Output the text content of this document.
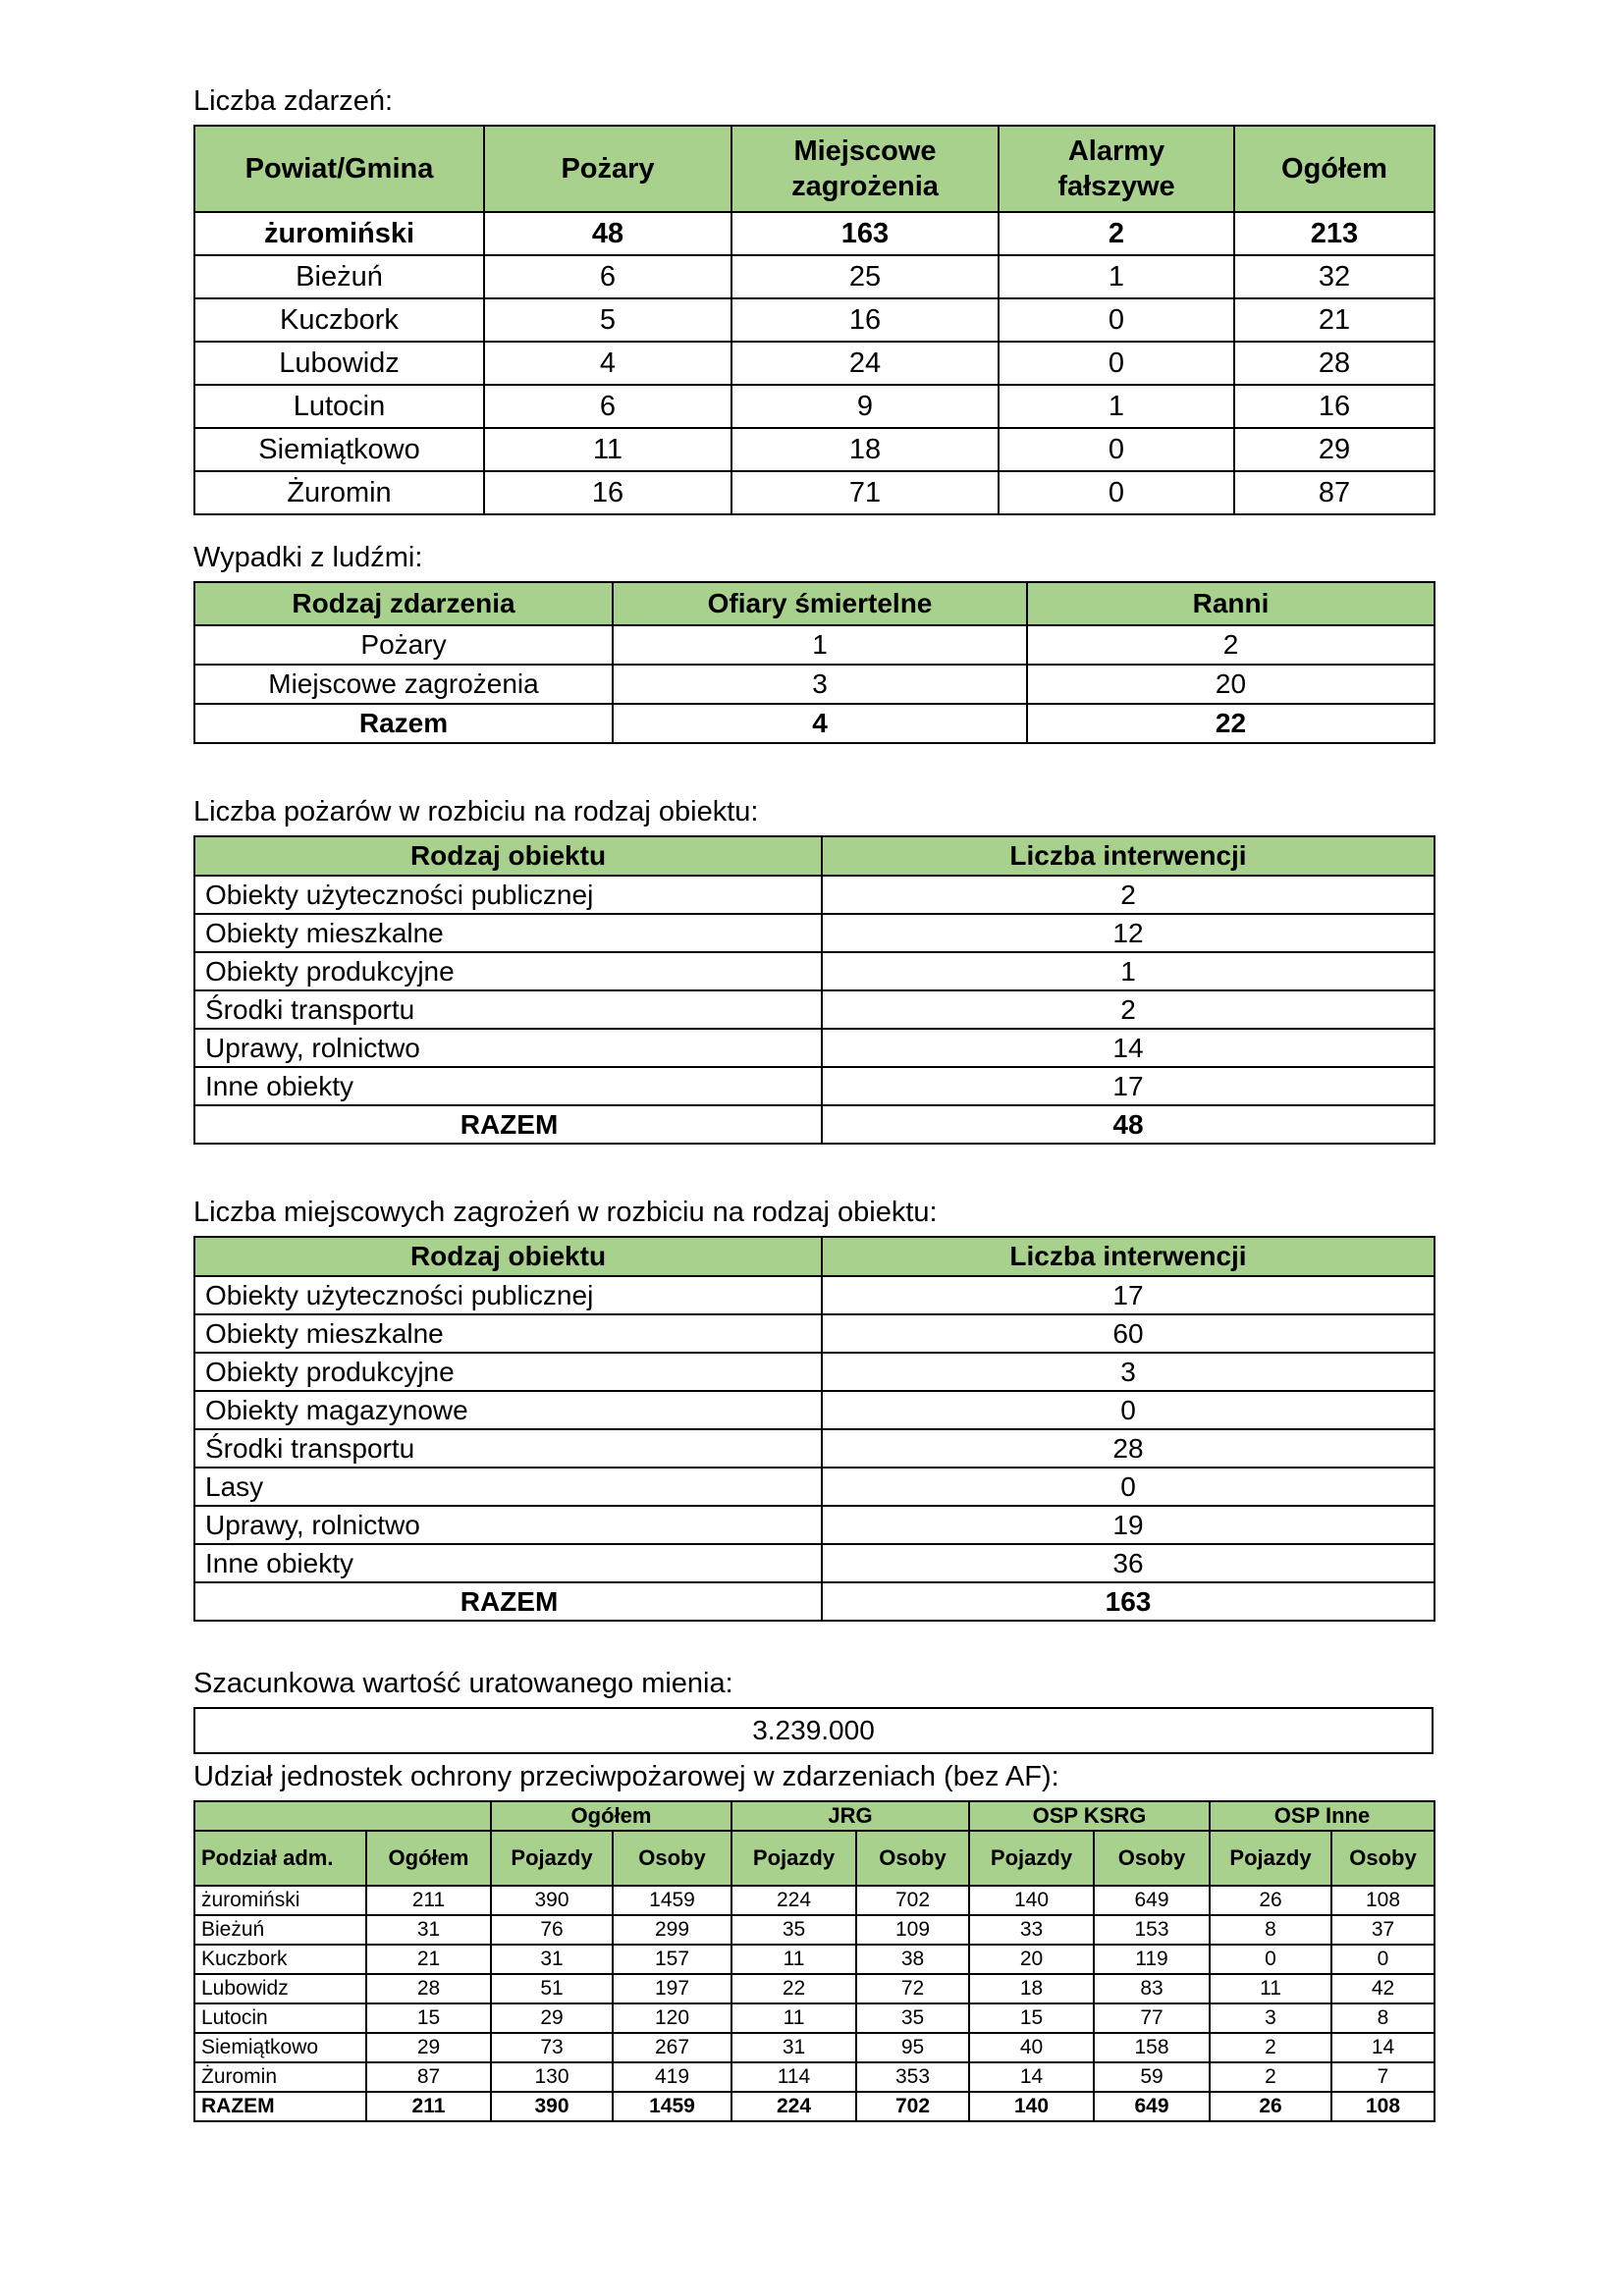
Liczba zdarzeń:
Powiat/Gmina	Pożary	Miejscowe zagrożenia	Alarmy fałszywe	Ogółem
żuromiński	48	163	2	213
Bieżuń	6	25	1	32
Kuczbork	5	16	0	21
Lubowidz	4	24	0	28
Lutocin	6	9	1	16
Siemiątkowo	11	18	0	29
Żuromin	16	71	0	87
Wypadki z ludźmi:
Rodzaj zdarzenia	Ofiary śmiertelne	Ranni
Pożary	1	2
Miejscowe zagrożenia	3	20
Razem	4	22
Liczba pożarów w rozbiciu na rodzaj obiektu:
Rodzaj obiektu	Liczba interwencji
Obiekty użyteczności publicznej	2
Obiekty mieszkalne	12
Obiekty produkcyjne	1
Środki transportu	2
Uprawy, rolnictwo	14
Inne obiekty	17
RAZEM	48
Liczba miejscowych zagrożeń w rozbiciu na rodzaj obiektu:
Rodzaj obiektu	Liczba interwencji
Obiekty użyteczności publicznej	17
Obiekty mieszkalne	60
Obiekty produkcyjne	3
Obiekty magazynowe	0
Środki transportu	28
Lasy	0
Uprawy, rolnictwo	19
Inne obiekty	36
RAZEM	163
Szacunkowa wartość uratowanego mienia:
3.239.000
Udział jednostek ochrony przeciwpożarowej w zdarzeniach (bez AF):
		Ogółem		JRG		OSP KSRG		OSP Inne	
Podział adm.	Ogółem	Pojazdy	Osoby	Pojazdy	Osoby	Pojazdy	Osoby	Pojazdy	Osoby
żuromiński	211	390	1459	224	702	140	649	26	108
Bieżuń	31	76	299	35	109	33	153	8	37
Kuczbork	21	31	157	11	38	20	119	0	0
Lubowidz	28	51	197	22	72	18	83	11	42
Lutocin	15	29	120	11	35	15	77	3	8
Siemiątkowo	29	73	267	31	95	40	158	2	14
Żuromin	87	130	419	114	353	14	59	2	7
RAZEM	211	390	1459	224	702	140	649	26	108
